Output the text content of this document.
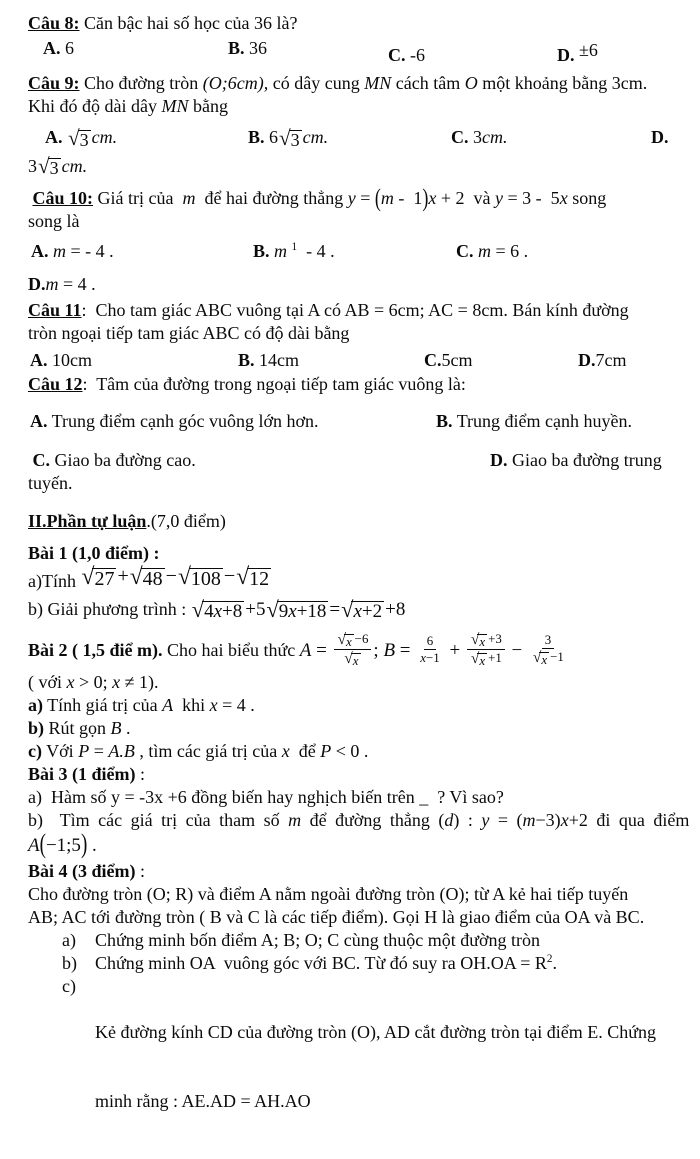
Câu 8: Căn bậc hai số học của 36 là?
A. 6	B. 36	C. -6	D. ±6
Câu 9: Cho đường tròn (O;6cm), có dây cung MN cách tâm O một khoảng bằng 3cm.
Khi đó độ dài dây MN bằng
A. √ 3 cm.	B. 6 √ 3 cm.	C. 3cm.	D.
3 √ 3 cm.
Câu 10: Giá trị của  m  để hai đường thẳng y = (m -  1)x + 2  và y = 3 -  5x song
song là
A. m = - 4 .	B. m $^1$  - 4 .	C. m = 6 .
D.m = 4 .
Câu 11:  Cho tam giác ABC vuông tại A có AB = 6cm; AC = 8cm. Bán kính đường
tròn ngoại tiếp tam giác ABC có độ dài bằng
A. 10cm	B. 14cm	C.5cm	D.7cm
Câu 12:  Tâm của đường trong ngoại tiếp tam giác vuông là:
A. Trung điểm cạnh góc vuông lớn hơn.	B. Trung điểm cạnh huyền.
C. Giao ba đường cao.	D. Giao ba đường trung
tuyến.
II.Phần tự luận.(7,0 điểm)
Bài 1 (1,0 điểm) :
a)Tính √ 27 + √ 48 − √ 108 − √ 12
b) Giải phương trình : √ 4x+8 +5 √ 9x+18 = √ x+2 +8
Bài 2 ( 1,5 điể m). Cho hai biểu thức $A = \frac{√ x -6}{√ x}$ ; $B = \frac{6}{x-1} + \frac{√ x +3}{√ x +1} - \frac{3}{√ x -1}$
( với x > 0; x ≠ 1).
a) Tính giá trị của A  khi x = 4 .
b) Rút gọn B .
c) Với P = A.B , tìm các giá trị của x  để P < 0 .
Bài 3 (1 điểm) :
a)  Hàm số y = -3x +6 đồng biến hay nghịch biến trên _  ? Vì sao?
b)  Tìm các giá trị của tham số m để đường thẳng (d) : y = (m−3)x+2 đi qua điểm
A(−1;5) .
Bài 4 (3 điểm) :
Cho đường tròn (O; R) và điểm A nằm ngoài đường tròn (O); từ A kẻ hai tiếp tuyến
AB; AC tới đường tròn ( B và C là các tiếp điểm). Gọi H là giao điểm của OA và BC.
a)	Chứng minh bốn điểm A; B; O; C cùng thuộc một đường tròn
b)	Chứng minh OA  vuông góc với BC. Từ đó suy ra $OH.OA = R^2$.
c)

Kẻ đường kính CD của đường tròn (O), AD cắt đường tròn tại điểm E. Chứng

minh rằng : AE.AD = AH.AO
